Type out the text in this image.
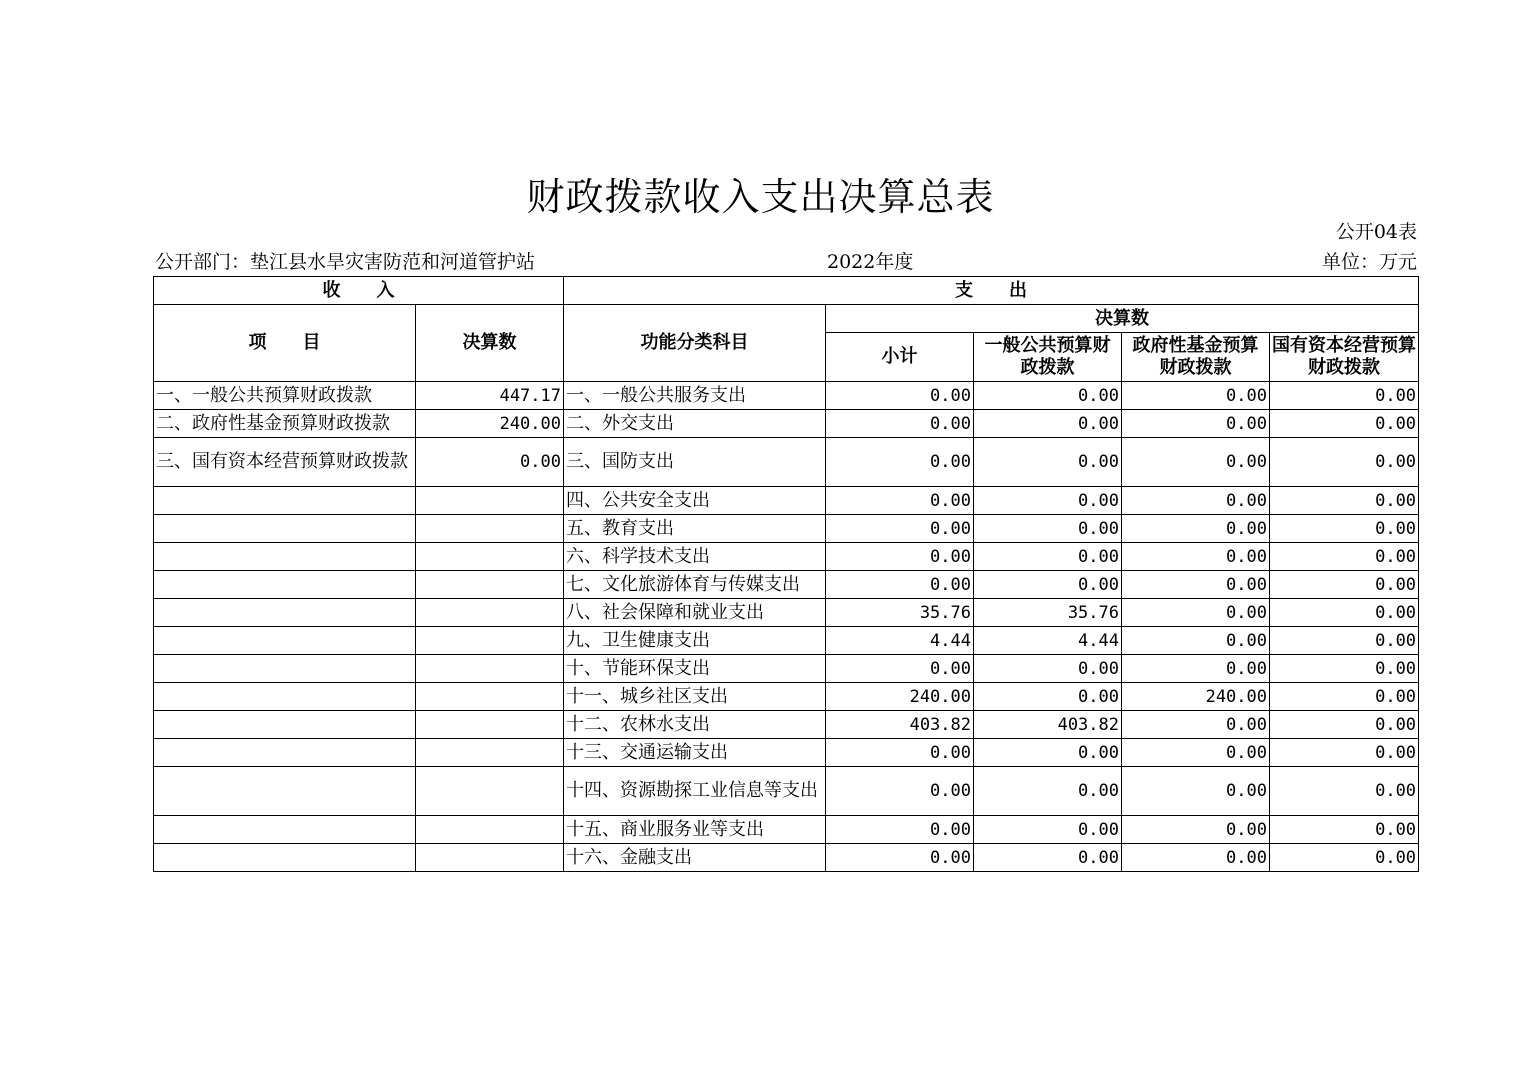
财政拨款收入支出决算总表
公开04表
公开部门：垫江县水旱灾害防范和河道管护站	2022年度	单位：万元
收　　入		支　　出				
项　　目	决算数	功能分类科目	决算数			
			小计	一般公共预算财政拨款	政府性基金预算财政拨款	国有资本经营预算财政拨款
一、一般公共预算财政拨款	447.17	一、一般公共服务支出	0.00	0.00	0.00	0.00
二、政府性基金预算财政拨款	240.00	二、外交支出	0.00	0.00	0.00	0.00
三、国有资本经营预算财政拨款	0.00	三、国防支出	0.00	0.00	0.00	0.00
		四、公共安全支出	0.00	0.00	0.00	0.00
		五、教育支出	0.00	0.00	0.00	0.00
		六、科学技术支出	0.00	0.00	0.00	0.00
		七、文化旅游体育与传媒支出	0.00	0.00	0.00	0.00
		八、社会保障和就业支出	35.76	35.76	0.00	0.00
		九、卫生健康支出	4.44	4.44	0.00	0.00
		十、节能环保支出	0.00	0.00	0.00	0.00
		十一、城乡社区支出	240.00	0.00	240.00	0.00
		十二、农林水支出	403.82	403.82	0.00	0.00
		十三、交通运输支出	0.00	0.00	0.00	0.00
		十四、资源勘探工业信息等支出	0.00	0.00	0.00	0.00
		十五、商业服务业等支出	0.00	0.00	0.00	0.00
		十六、金融支出	0.00	0.00	0.00	0.00
